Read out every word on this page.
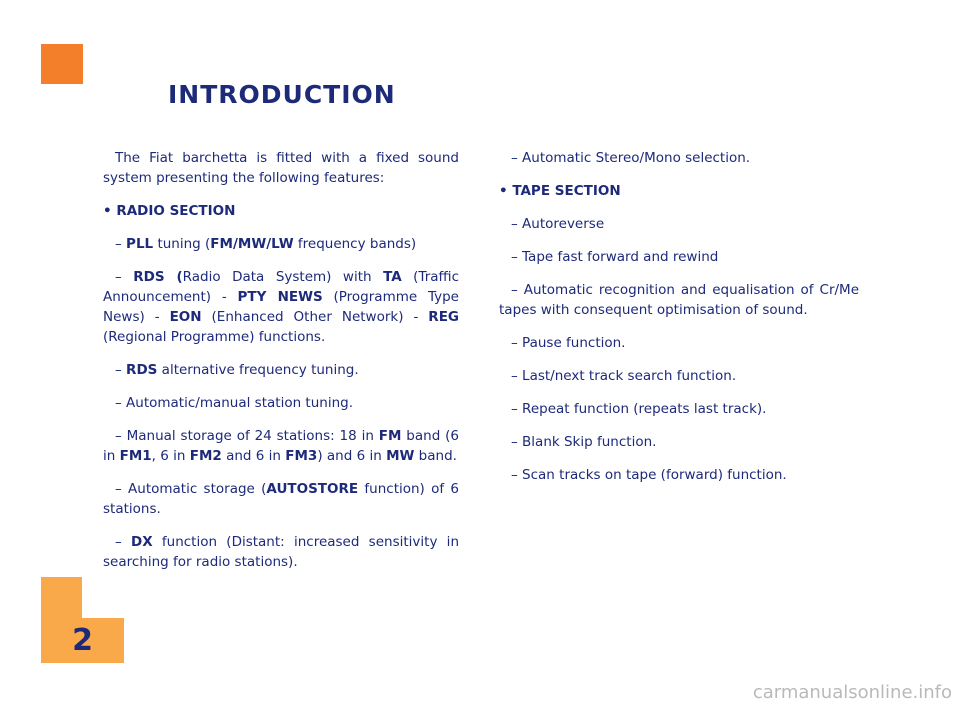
2
INTRODUCTION

The Fiat barchetta is fitted with a fixed sound system presenting the following features:

• RADIO SECTION

– PLL tuning (FM/MW/LW frequency bands)

– RDS (Radio Data System) with TA (Traffic Announcement) - PTY NEWS (Programme Type News) - EON (Enhanced Other Network) - REG (Regional Programme) functions.

– RDS alternative frequency tuning.

– Automatic/manual station tuning.

– Manual storage of 24 stations: 18 in FM band (6 in FM1, 6 in FM2 and 6 in FM3) and 6 in MW band.

– Automatic storage (AUTOSTORE function) of 6 stations.

– DX function (Distant: increased sensitivity in searching for radio stations).

– Automatic Stereo/Mono selection.

• TAPE SECTION

– Autoreverse

– Tape fast forward and rewind

– Automatic recognition and equalisation of Cr/Me tapes with consequent optimisation of sound.

– Pause function.

– Last/next track search function.

– Repeat function (repeats last track).

– Blank Skip function.

– Scan tracks on tape (forward) function.

carmanualsonline.info
